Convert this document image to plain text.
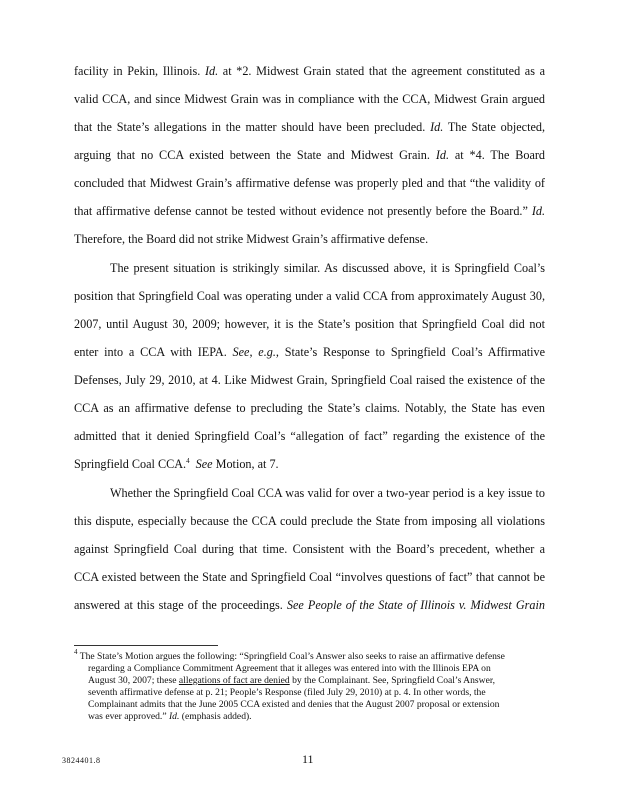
facility in Pekin, Illinois. Id. at *2. Midwest Grain stated that the agreement constituted as a
valid CCA, and since Midwest Grain was in compliance with the CCA, Midwest Grain argued
that the State’s allegations in the matter should have been precluded. Id. The State objected,
arguing that no CCA existed between the State and Midwest Grain. Id. at *4. The Board
concluded that Midwest Grain’s affirmative defense was properly pled and that “the validity of
that affirmative defense cannot be tested without evidence not presently before the Board.” Id.
Therefore, the Board did not strike Midwest Grain’s affirmative defense.
The present situation is strikingly similar. As discussed above, it is Springfield Coal’s
position that Springfield Coal was operating under a valid CCA from approximately August 30,
2007, until August 30, 2009; however, it is the State’s position that Springfield Coal did not
enter into a CCA with IEPA. See, e.g., State’s Response to Springfield Coal’s Affirmative
Defenses, July 29, 2010, at 4. Like Midwest Grain, Springfield Coal raised the existence of the
CCA as an affirmative defense to precluding the State’s claims. Notably, the State has even
admitted that it denied Springfield Coal’s “allegation of fact” regarding the existence of the
Springfield Coal CCA.$^4$ See Motion, at 7.
Whether the Springfield Coal CCA was valid for over a two-year period is a key issue to
this dispute, especially because the CCA could preclude the State from imposing all violations
against Springfield Coal during that time. Consistent with the Board’s precedent, whether a
CCA existed between the State and Springfield Coal “involves questions of fact” that cannot be
answered at this stage of the proceedings. See People of the State of Illinois v. Midwest Grain
$^4$ The State’s Motion argues the following: “Springfield Coal’s Answer also seeks to raise an affirmative defense
regarding a Compliance Commitment Agreement that it alleges was entered into with the Illinois EPA on
August 30, 2007; these allegations of fact are denied by the Complainant. See, Springfield Coal’s Answer,
seventh affirmative defense at p. 21; People’s Response (filed July 29, 2010) at p. 4. In other words, the
Complainant admits that the June 2005 CCA existed and denies that the August 2007 proposal or extension
was ever approved.” Id. (emphasis added).
3824401.8	11
